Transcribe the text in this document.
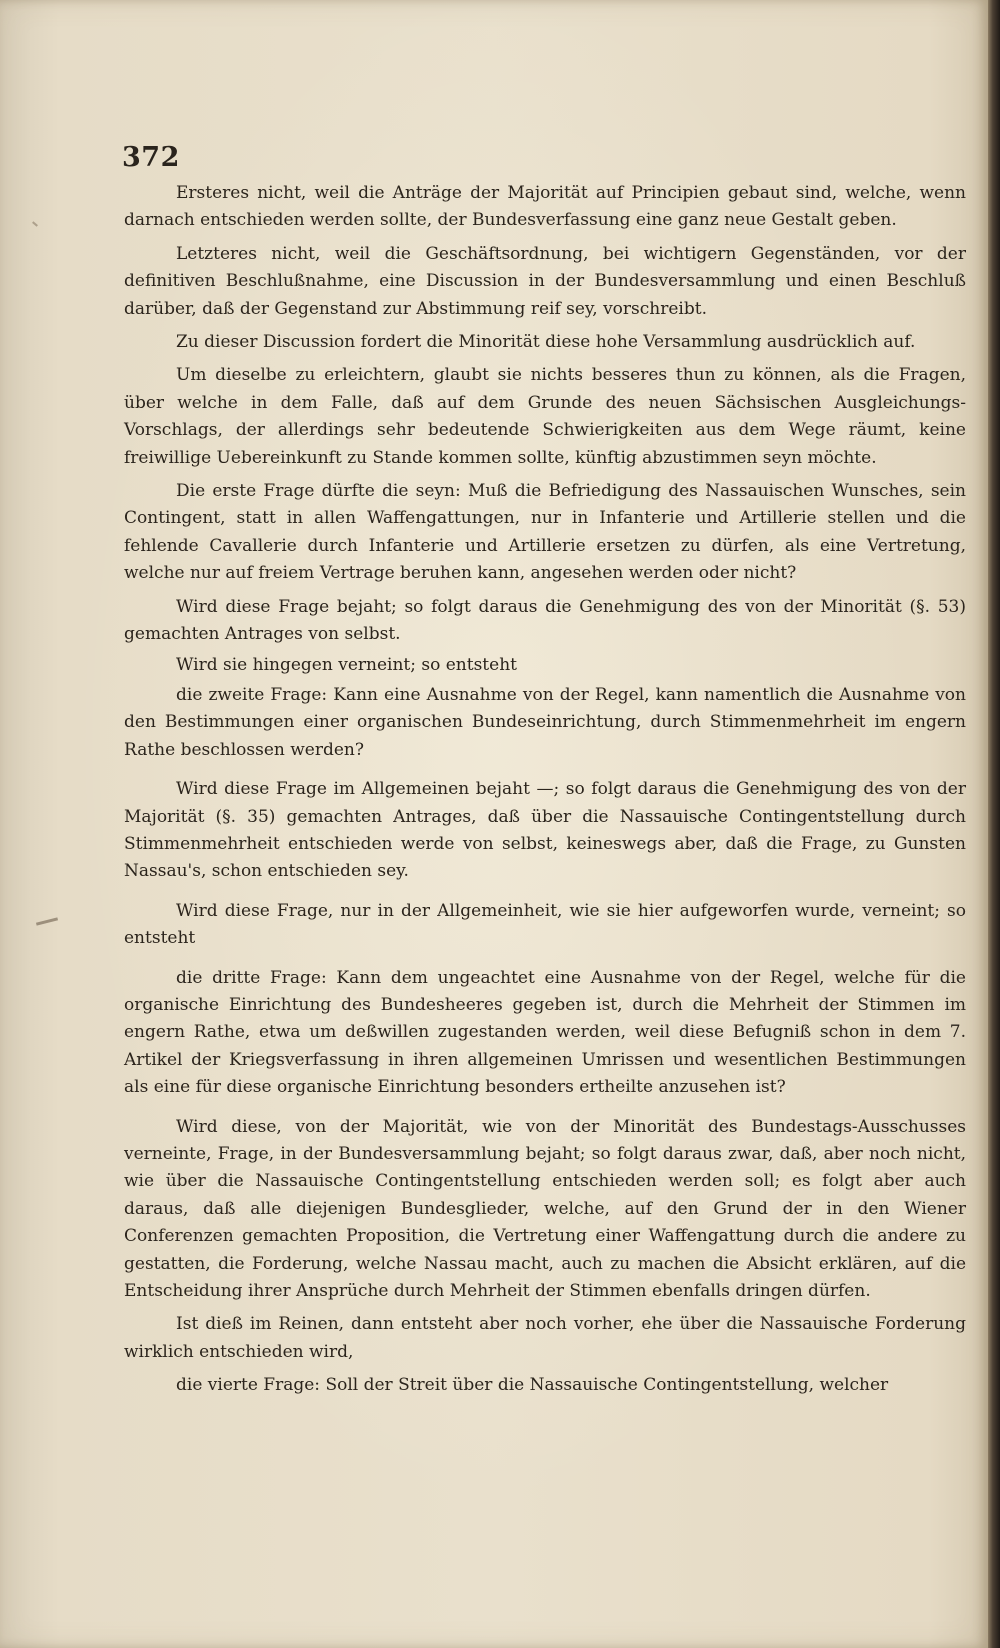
372

Ersteres nicht, weil die Anträge der Majorität auf Principien gebaut sind, welche, wenn darnach entschieden werden sollte, der Bundesverfassung eine ganz neue Gestalt geben.

Letzteres nicht, weil die Geschäftsordnung, bei wichtigern Gegenständen, vor der definitiven Beschlußnahme, eine Discussion in der Bundesversammlung und einen Beschluß darüber, daß der Gegenstand zur Abstimmung reif sey, vorschreibt.

Zu dieser Discussion fordert die Minorität diese hohe Versammlung ausdrücklich auf.

Um dieselbe zu erleichtern, glaubt sie nichts besseres thun zu können, als die Fragen, über welche in dem Falle, daß auf dem Grunde des neuen Sächsischen Ausgleichungs-Vorschlags, der allerdings sehr bedeutende Schwierigkeiten aus dem Wege räumt, keine freiwillige Uebereinkunft zu Stande kommen sollte, künftig abzustimmen seyn möchte.

Die erste Frage dürfte die seyn: Muß die Befriedigung des Nassauischen Wunsches, sein Contingent, statt in allen Waffengattungen, nur in Infanterie und Artillerie stellen und die fehlende Cavallerie durch Infanterie und Artillerie ersetzen zu dürfen, als eine Vertretung, welche nur auf freiem Vertrage beruhen kann, angesehen werden oder nicht?

Wird diese Frage bejaht; so folgt daraus die Genehmigung des von der Minorität (§. 53) gemachten Antrages von selbst.

Wird sie hingegen verneint; so entsteht

die zweite Frage: Kann eine Ausnahme von der Regel, kann namentlich die Ausnahme von den Bestimmungen einer organischen Bundeseinrichtung, durch Stimmenmehrheit im engern Rathe beschlossen werden?

Wird diese Frage im Allgemeinen bejaht —; so folgt daraus die Genehmigung des von der Majorität (§. 35) gemachten Antrages, daß über die Nassauische Contingentstellung durch Stimmenmehrheit entschieden werde von selbst, keineswegs aber, daß die Frage, zu Gunsten Nassau's, schon entschieden sey.

Wird diese Frage, nur in der Allgemeinheit, wie sie hier aufgeworfen wurde, verneint; so entsteht

die dritte Frage: Kann dem ungeachtet eine Ausnahme von der Regel, welche für die organische Einrichtung des Bundesheeres gegeben ist, durch die Mehrheit der Stimmen im engern Rathe, etwa um deßwillen zugestanden werden, weil diese Befugniß schon in dem 7. Artikel der Kriegsverfassung in ihren allgemeinen Umrissen und wesentlichen Bestimmungen als eine für diese organische Einrichtung besonders ertheilte anzusehen ist?

Wird diese, von der Majorität, wie von der Minorität des Bundestags-Ausschusses verneinte, Frage, in der Bundesversammlung bejaht; so folgt daraus zwar, daß, aber noch nicht, wie über die Nassauische Contingentstellung entschieden werden soll; es folgt aber auch daraus, daß alle diejenigen Bundesglieder, welche, auf den Grund der in den Wiener Conferenzen gemachten Proposition, die Vertretung einer Waffengattung durch die andere zu gestatten, die Forderung, welche Nassau macht, auch zu machen die Absicht erklären, auf die Entscheidung ihrer Ansprüche durch Mehrheit der Stimmen ebenfalls dringen dürfen.

Ist dieß im Reinen, dann entsteht aber noch vorher, ehe über die Nassauische Forderung wirklich entschieden wird,

die vierte Frage: Soll der Streit über die Nassauische Contingentstellung, welcher
